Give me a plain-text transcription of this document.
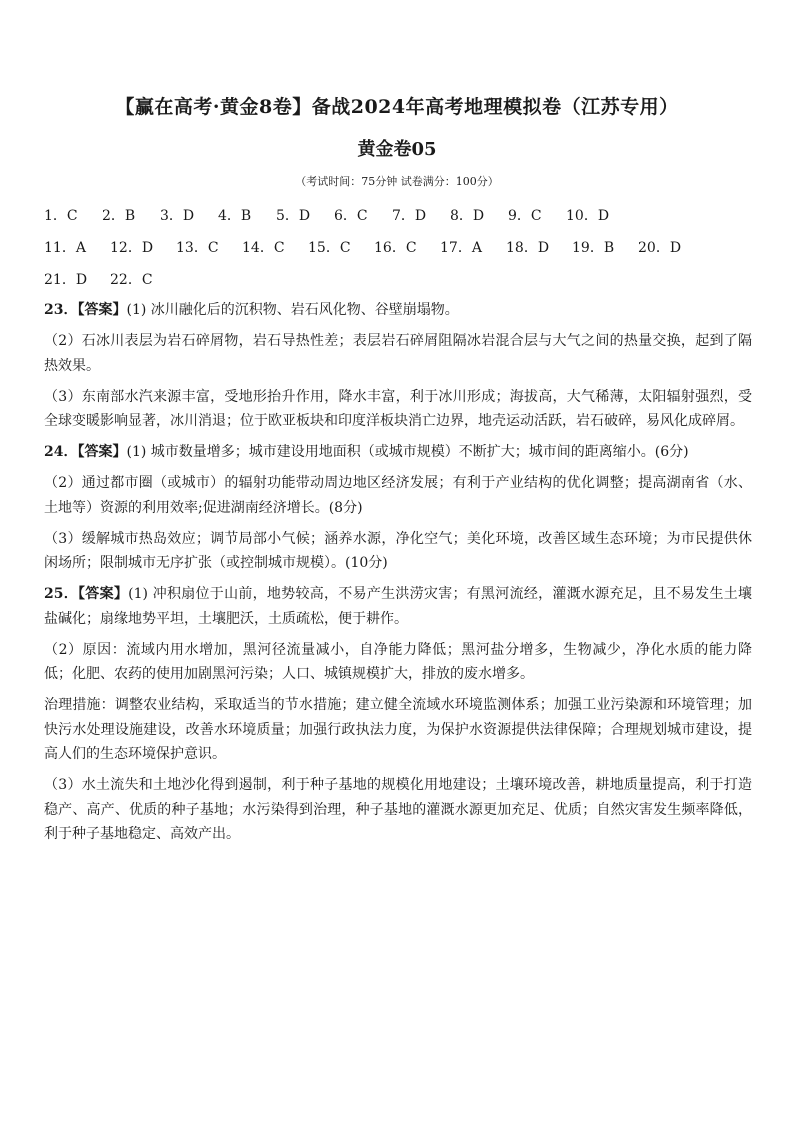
【赢在高考·黄金8卷】备战2024年高考地理模拟卷（江苏专用）
黄金卷05
（考试时间：75分钟 试卷满分：100分）
1．C 2．B 3．D 4．B 5．D 6．C 7．D 8．D 9．C 10．D
11．A 12．D 13．C 14．C 15．C 16．C 17．A 18．D 19．B 20．D
21．D 22．C

23．【答案】(1) 冰川融化后的沉积物、岩石风化物、谷壁崩塌物。

（2）石冰川表层为岩石碎屑物，岩石导热性差；表层岩石碎屑阻隔冰岩混合层与大气之间的热量交换，起到了隔热效果。

（3）东南部水汽来源丰富，受地形抬升作用，降水丰富，利于冰川形成；海拔高，大气稀薄，太阳辐射强烈，受全球变暖影响显著，冰川消退；位于欧亚板块和印度洋板块消亡边界，地壳运动活跃，岩石破碎，易风化成碎屑。

24．【答案】(1) 城市数量增多；城市建设用地面积（或城市规模）不断扩大；城市间的距离缩小。(6分)

（2）通过都市圈（或城市）的辐射功能带动周边地区经济发展；有利于产业结构的优化调整；提高湖南省（水、土地等）资源的利用效率;促进湖南经济增长。(8分)

（3）缓解城市热岛效应；调节局部小气候；涵养水源，净化空气；美化环境，改善区域生态环境；为市民提供休闲场所；限制城市无序扩张（或控制城市规模）。(10分)

25．【答案】(1) 冲积扇位于山前，地势较高，不易产生洪涝灾害；有黑河流经，灌溉水源充足，且不易发生土壤盐碱化；扇缘地势平坦，土壤肥沃，土质疏松，便于耕作。

（2）原因：流域内用水增加，黑河径流量减小，自净能力降低；黑河盐分增多，生物减少，净化水质的能力降低；化肥、农药的使用加剧黑河污染；人口、城镇规模扩大，排放的废水增多。

治理措施：调整农业结构，采取适当的节水措施；建立健全流域水环境监测体系；加强工业污染源和环境管理；加快污水处理设施建设，改善水环境质量；加强行政执法力度，为保护水资源提供法律保障；合理规划城市建设，提高人们的生态环境保护意识。

（3）水土流失和土地沙化得到遏制，利于种子基地的规模化用地建设；土壤环境改善，耕地质量提高，利于打造稳产、高产、优质的种子基地；水污染得到治理，种子基地的灌溉水源更加充足、优质；自然灾害发生频率降低，利于种子基地稳定、高效产出。
